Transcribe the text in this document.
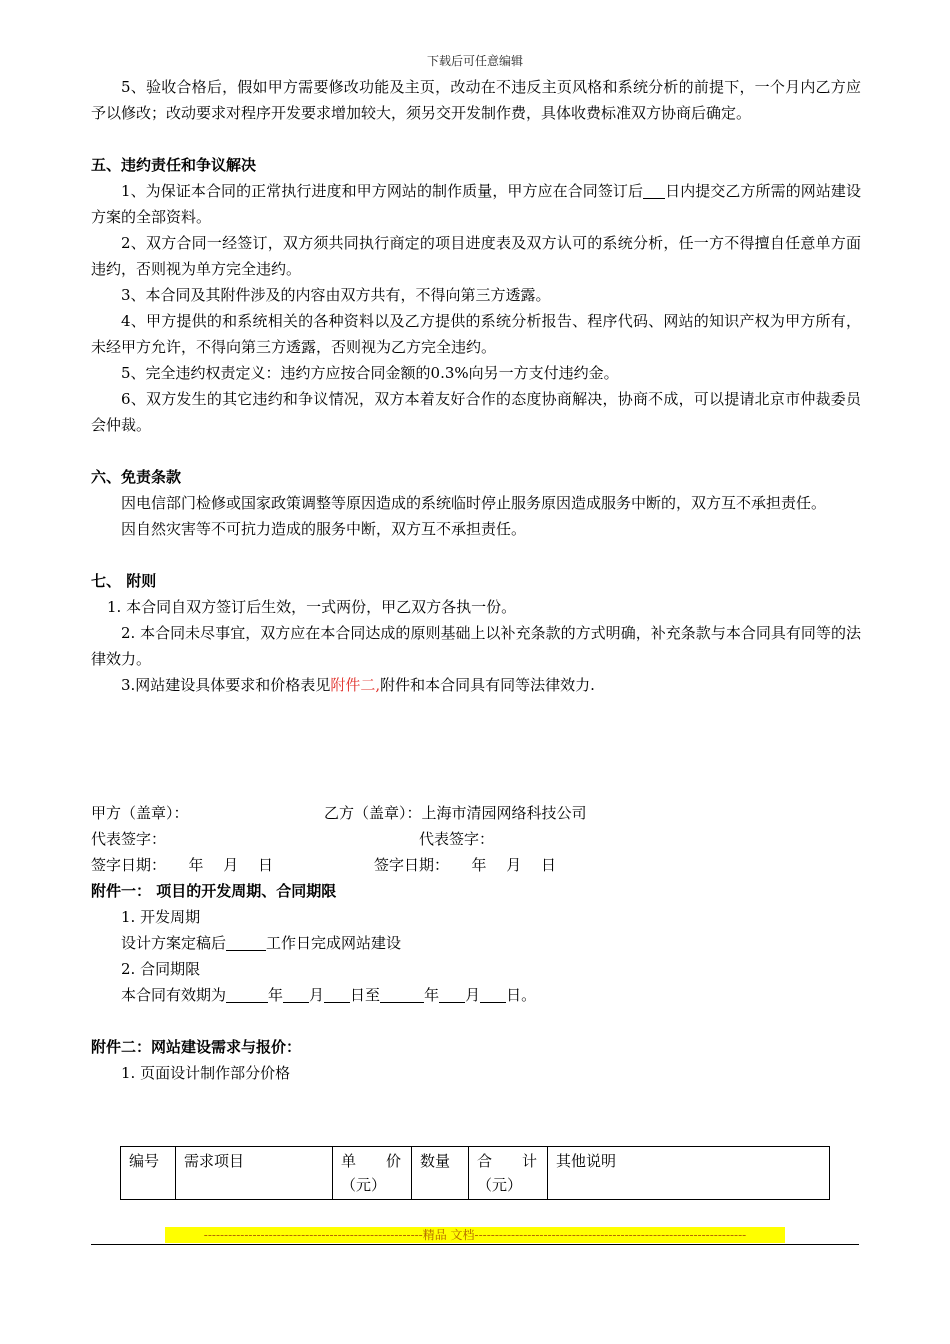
下载后可任意编辑

5、验收合格后，假如甲方需要修改功能及主页，改动在不违反主页风格和系统分析的前提下，一个月内乙方应予以修改；改动要求对程序开发要求增加较大，须另交开发制作费，具体收费标准双方协商后确定。

五、违约责任和争议解决

1、为保证本合同的正常执行进度和甲方网站的制作质量，甲方应在合同签订后 日内提交乙方所需的网站建设方案的全部资料。

2、双方合同一经签订，双方须共同执行商定的项目进度表及双方认可的系统分析，任一方不得擅自任意单方面违约，否则视为单方完全违约。

3、本合同及其附件涉及的内容由双方共有，不得向第三方透露。

4、甲方提供的和系统相关的各种资料以及乙方提供的系统分析报告、程序代码、网站的知识产权为甲方所有，未经甲方允许，不得向第三方透露，否则视为乙方完全违约。

5、完全违约权责定义：违约方应按合同金额的0.3%向另一方支付违约金。

6、双方发生的其它违约和争议情况，双方本着友好合作的态度协商解决，协商不成，可以提请北京市仲裁委员会仲裁。

六、免责条款

因电信部门检修或国家政策调整等原因造成的系统临时停止服务原因造成服务中断的，双方互不承担责任。

因自然灾害等不可抗力造成的服务中断，双方互不承担责任。

七、 附则

1. 本合同自双方签订后生效，一式两份，甲乙双方各执一份。

2. 本合同未尽事宜，双方应在本合同达成的原则基础上以补充条款的方式明确，补充条款与本合同具有同等的法律效力。

3.网站建设具体要求和价格表见附件二,附件和本合同具有同等法律效力.

甲方（盖章）：	乙方（盖章）：上海市清园网络科技公司
代表签字：	代表签字：
签字日期：　　年　 月　 日	签字日期：　　年　 月　 日

附件一： 项目的开发周期、合同期限

1. 开发周期

设计方案定稿后	工作日完成网站建设

2. 合同期限

本合同有效期为	年 月 日至	年 月 日。

附件二：网站建设需求与报价：

1. 页面设计制作部分价格

编号	需求项目	单　　价（元）	数量	合　　计（元）	其他说明
------------------------------------------------------精品 文档-------------------------------------------------------------------
